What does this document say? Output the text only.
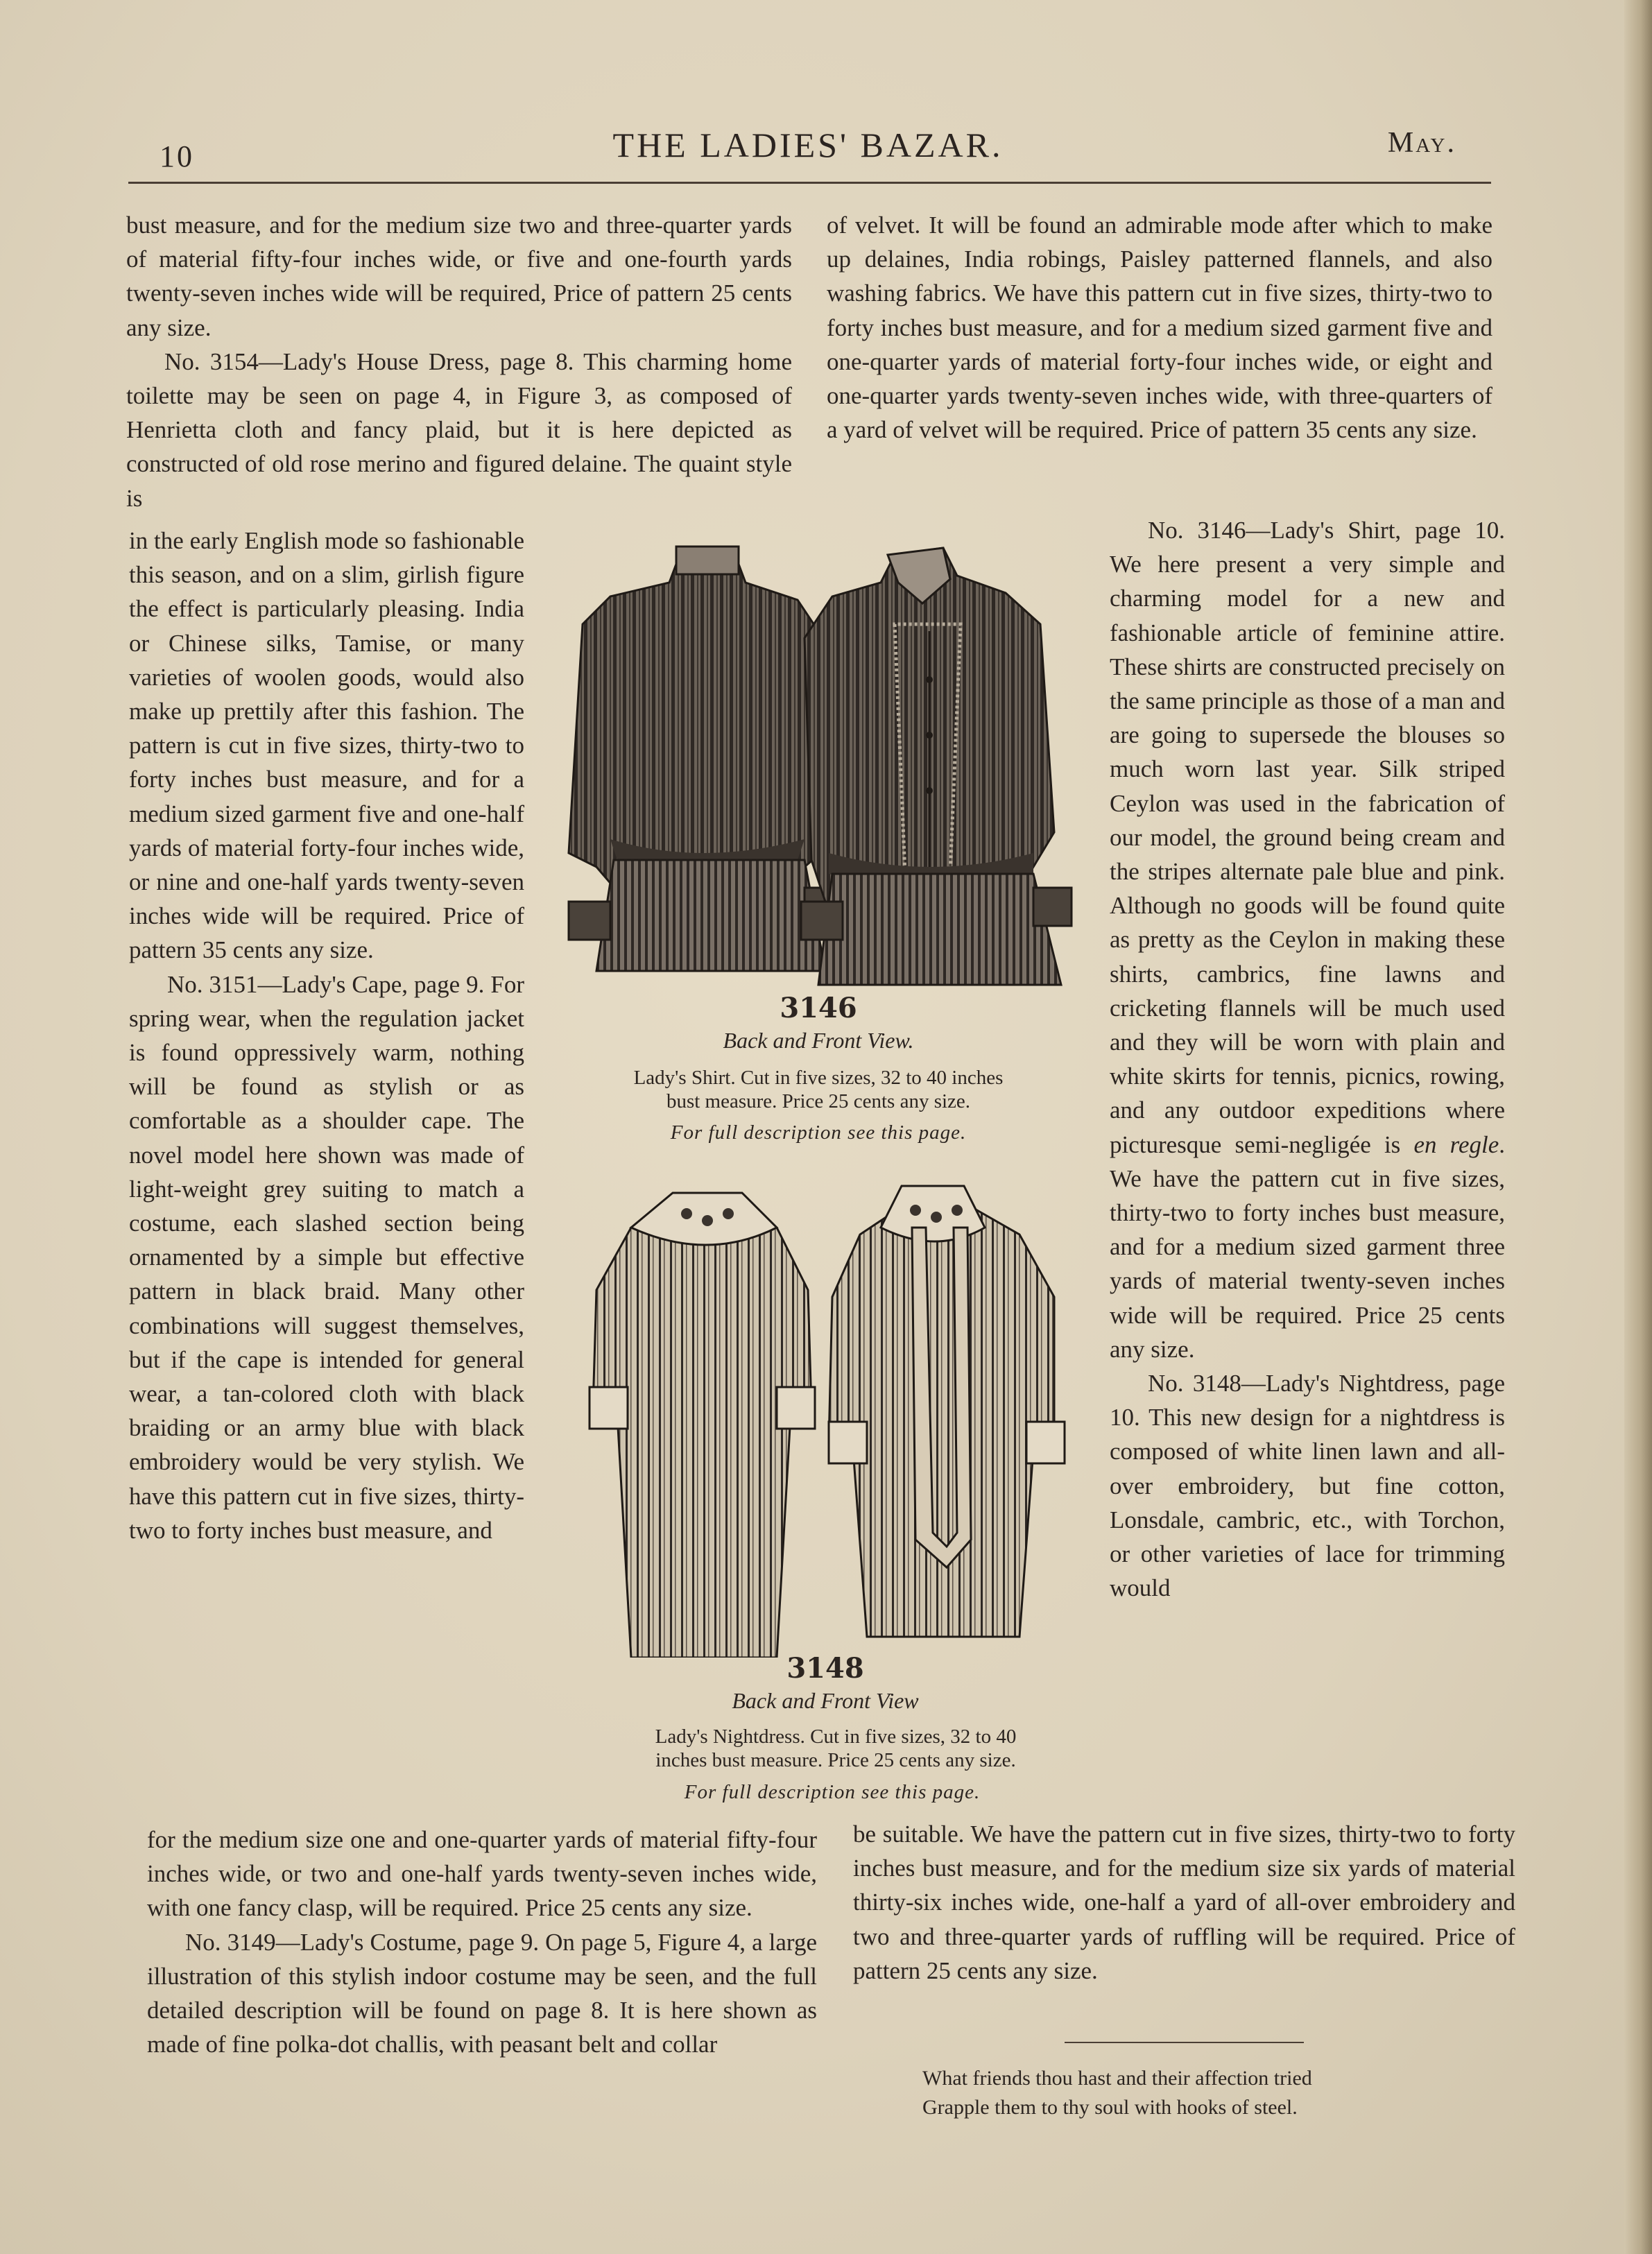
10	THE LADIES' BAZAR.	May.

bust measure, and for the medium size two and three-quarter yards of material fifty-four inches wide, or five and one-fourth yards twenty-seven inches wide will be required, Price of pattern 25 cents any size.

No. 3154—Lady's House Dress, page 8. This charming home toilette may be seen on page 4, in Figure 3, as composed of Henrietta cloth and fancy plaid, but it is here depicted as constructed of old rose merino and figured delaine. The quaint style is

in the early English mode so fashionable this season, and on a slim, girlish figure the effect is particularly pleasing. India or Chinese silks, Tamise, or many varieties of woolen goods, would also make up prettily after this fashion. The pattern is cut in five sizes, thirty-two to forty inches bust measure, and for a medium sized garment five and one-half yards of material forty-four inches wide, or nine and one-half yards twenty-seven inches wide will be required. Price of pattern 35 cents any size.

No. 3151—Lady's Cape, page 9. For spring wear, when the regulation jacket is found oppressively warm, nothing will be found as stylish or as comfortable as a shoulder cape. The novel model here shown was made of light-weight grey suiting to match a costume, each slashed section being ornamented by a simple but effective pattern in black braid. Many other combinations will suggest themselves, but if the cape is intended for general wear, a tan-colored cloth with black braiding or an army blue with black embroidery would be very stylish. We have this pattern cut in five sizes, thirty-two to forty inches bust measure, and

for the medium size one and one-quarter yards of material fifty-four inches wide, or two and one-half yards twenty-seven inches wide, with one fancy clasp, will be required. Price 25 cents any size.

No. 3149—Lady's Costume, page 9. On page 5, Figure 4, a large illustration of this stylish indoor costume may be seen, and the full detailed description will be found on page 8. It is here shown as made of fine polka-dot challis, with peasant belt and collar

of velvet. It will be found an admirable mode after which to make up delaines, India robings, Paisley patterned flannels, and also washing fabrics. We have this pattern cut in five sizes, thirty-two to forty inches bust measure, and for a medium sized garment five and one-quarter yards of material forty-four inches wide, or eight and one-quarter yards twenty-seven inches wide, with three-quarters of a yard of velvet will be required. Price of pattern 35 cents any size.

No. 3146—Lady's Shirt, page 10. We here present a very simple and charming model for a new and fashionable article of feminine attire. These shirts are constructed precisely on the same principle as those of a man and are going to supersede the blouses so much worn last year. Silk striped Ceylon was used in the fabrication of our model, the ground being cream and the stripes alternate pale blue and pink. Although no goods will be found quite as pretty as the Ceylon in making these shirts, cambrics, fine lawns and cricketing flannels will be much used and they will be worn with plain and white skirts for tennis, picnics, rowing, and any outdoor expeditions where picturesque semi-negligée is en regle. We have the pattern cut in five sizes, thirty-two to forty inches bust measure, and for a medium sized garment three yards of material twenty-seven inches wide will be required. Price 25 cents any size.

No. 3148—Lady's Nightdress, page 10. This new design for a nightdress is composed of white linen lawn and all-over embroidery, but fine cotton, Lonsdale, cambric, etc., with Torchon, or other varieties of lace for trimming would

be suitable. We have the pattern cut in five sizes, thirty-two to forty inches bust measure, and for the medium size six yards of material thirty-six inches wide, one-half a yard of all-over embroidery and two and three-quarter yards of ruffling will be required. Price of pattern 25 cents any size.

3146
Back and Front View.
Lady's Shirt. Cut in five sizes, 32 to 40 inches
bust measure. Price 25 cents any size.
For full description see this page.
3148
Back and Front View
Lady's Nightdress. Cut in five sizes, 32 to 40
inches bust measure. Price 25 cents any size.
For full description see this page.
What friends thou hast and their affection tried
Grapple them to thy soul with hooks of steel.
